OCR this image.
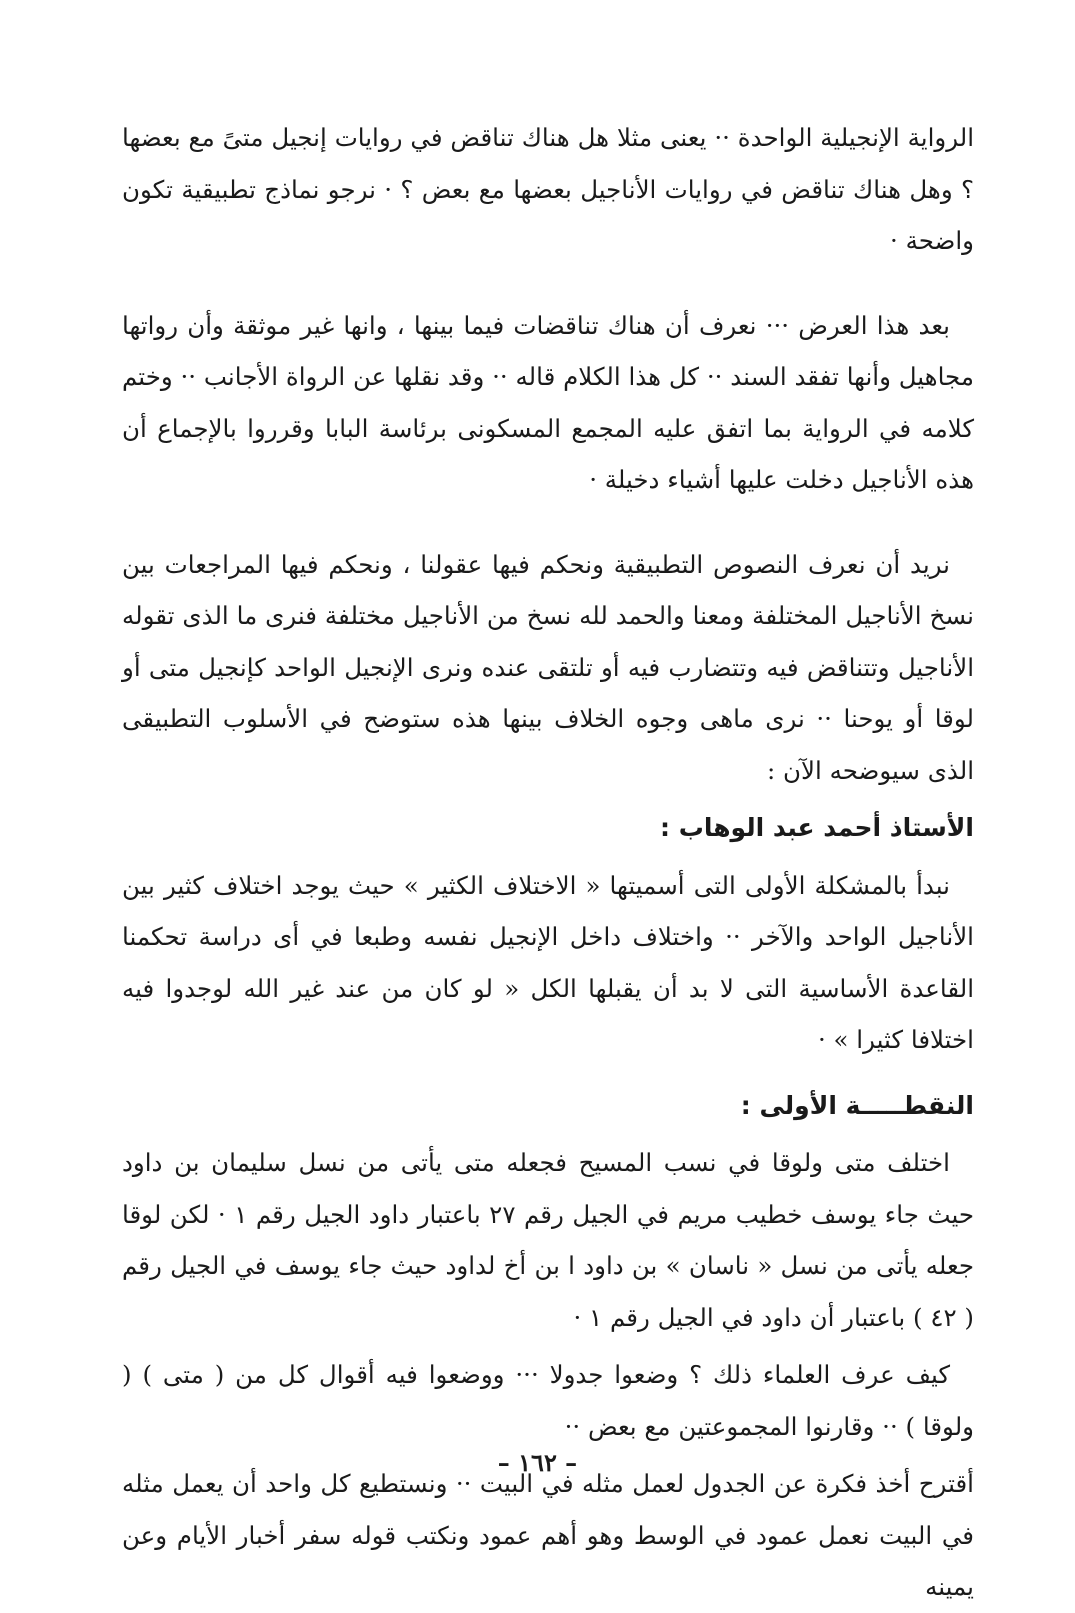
الرواية الإنجيلية الواحدة ·· يعنى مثلا هل هناك تناقض في روايات إنجيل متىً مع بعضها ؟ وهل هناك تناقض في روايات الأناجيل بعضها مع بعض ؟ · نرجو نماذج تطبيقية تكون واضحة ·

بعد هذا العرض ··· نعرف أن هناك تناقضات فيما بينها ، وانها غير موثقة وأن رواتها مجاهيل وأنها تفقد السند ·· كل هذا الكلام قاله ·· وقد نقلها عن الرواة الأجانب ·· وختم كلامه في الرواية بما اتفق عليه المجمع المسكونى برئاسة البابا وقرروا بالإجماع أن هذه الأناجيل دخلت عليها أشياء دخيلة ·

نريد أن نعرف النصوص التطبيقية ونحكم فيها عقولنا ، ونحكم فيها المراجعات بين نسخ الأناجيل المختلفة ومعنا والحمد لله نسخ من الأناجيل مختلفة فنرى ما الذى تقوله الأناجيل وتتناقض فيه وتتضارب فيه أو تلتقى عنده ونرى الإنجيل الواحد كإنجيل متى أو لوقا أو يوحنا ·· نرى ماهى وجوه الخلاف بينها هذه ستوضح في الأسلوب التطبيقى الذى سيوضحه الآن :

الأستاذ أحمد عبد الوهاب :

نبدأ بالمشكلة الأولى التى أسميتها « الاختلاف الكثير » حيث يوجد اختلاف كثير بين الأناجيل الواحد والآخر ·· واختلاف داخل الإنجيل نفسه وطبعا في أى دراسة تحكمنا القاعدة الأساسية التى لا بد أن يقبلها الكل « لو كان من عند غير الله لوجدوا فيه اختلافا كثيرا » ·

النقطـــــة الأولى :

اختلف متى ولوقا في نسب المسيح فجعله متى يأتى من نسل سليمان بن داود حيث جاء يوسف خطيب مريم في الجيل رقم ٢٧ باعتبار داود الجيل رقم ١ · لكن لوقا جعله يأتى من نسل « ناسان » بن داود ا بن أخ لداود حيث جاء يوسف في الجيل رقم ( ٤٢ ) باعتبار أن داود في الجيل رقم ١ ·

كيف عرف العلماء ذلك ؟ وضعوا جدولا ··· ووضعوا فيه أقوال كل من ( متى ) ( ولوقا ) ·· وقارنوا المجموعتين مع بعض ··

أقترح أخذ فكرة عن الجدول لعمل مثله في البيت ·· ونستطيع كل واحد أن يعمل مثله في البيت نعمل عمود في الوسط وهو أهم عمود ونكتب قوله سفر أخبار الأيام وعن يمينه

– ١٦٢ –
